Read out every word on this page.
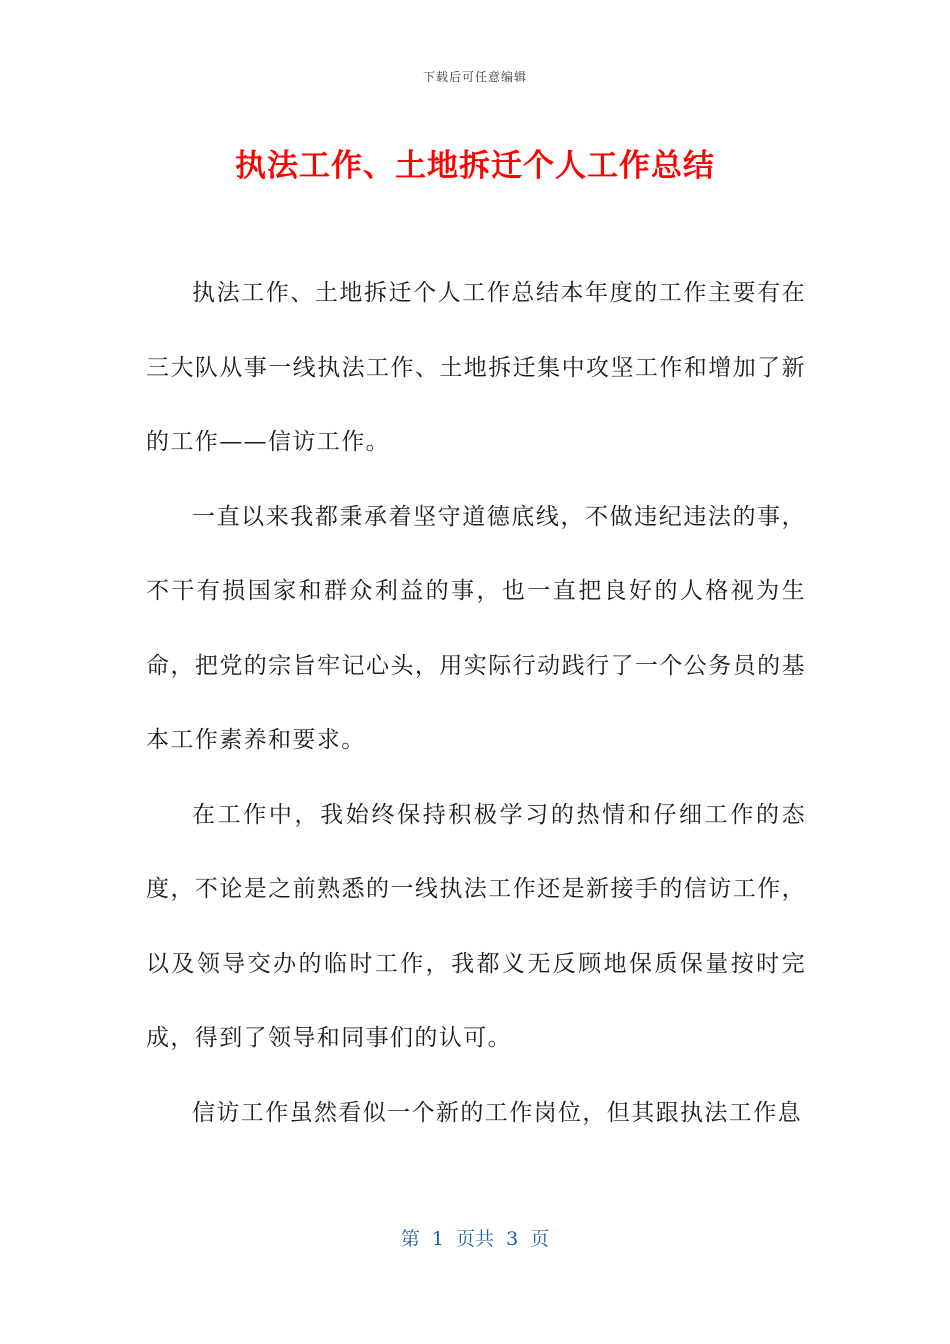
下载后可任意编辑
执法工作、土地拆迁个人工作总结

执法工作、土地拆迁个人工作总结本年度的工作主要有在三大队从事一线执法工作、土地拆迁集中攻坚工作和增加了新的工作——信访工作。

一直以来我都秉承着坚守道德底线，不做违纪违法的事，不干有损国家和群众利益的事，也一直把良好的人格视为生命，把党的宗旨牢记心头，用实际行动践行了一个公务员的基本工作素养和要求。

在工作中，我始终保持积极学习的热情和仔细工作的态度，不论是之前熟悉的一线执法工作还是新接手的信访工作，以及领导交办的临时工作，我都义无反顾地保质保量按时完成，得到了领导和同事们的认可。

信访工作虽然看似一个新的工作岗位，但其跟执法工作息

第  1  页共  3  页
